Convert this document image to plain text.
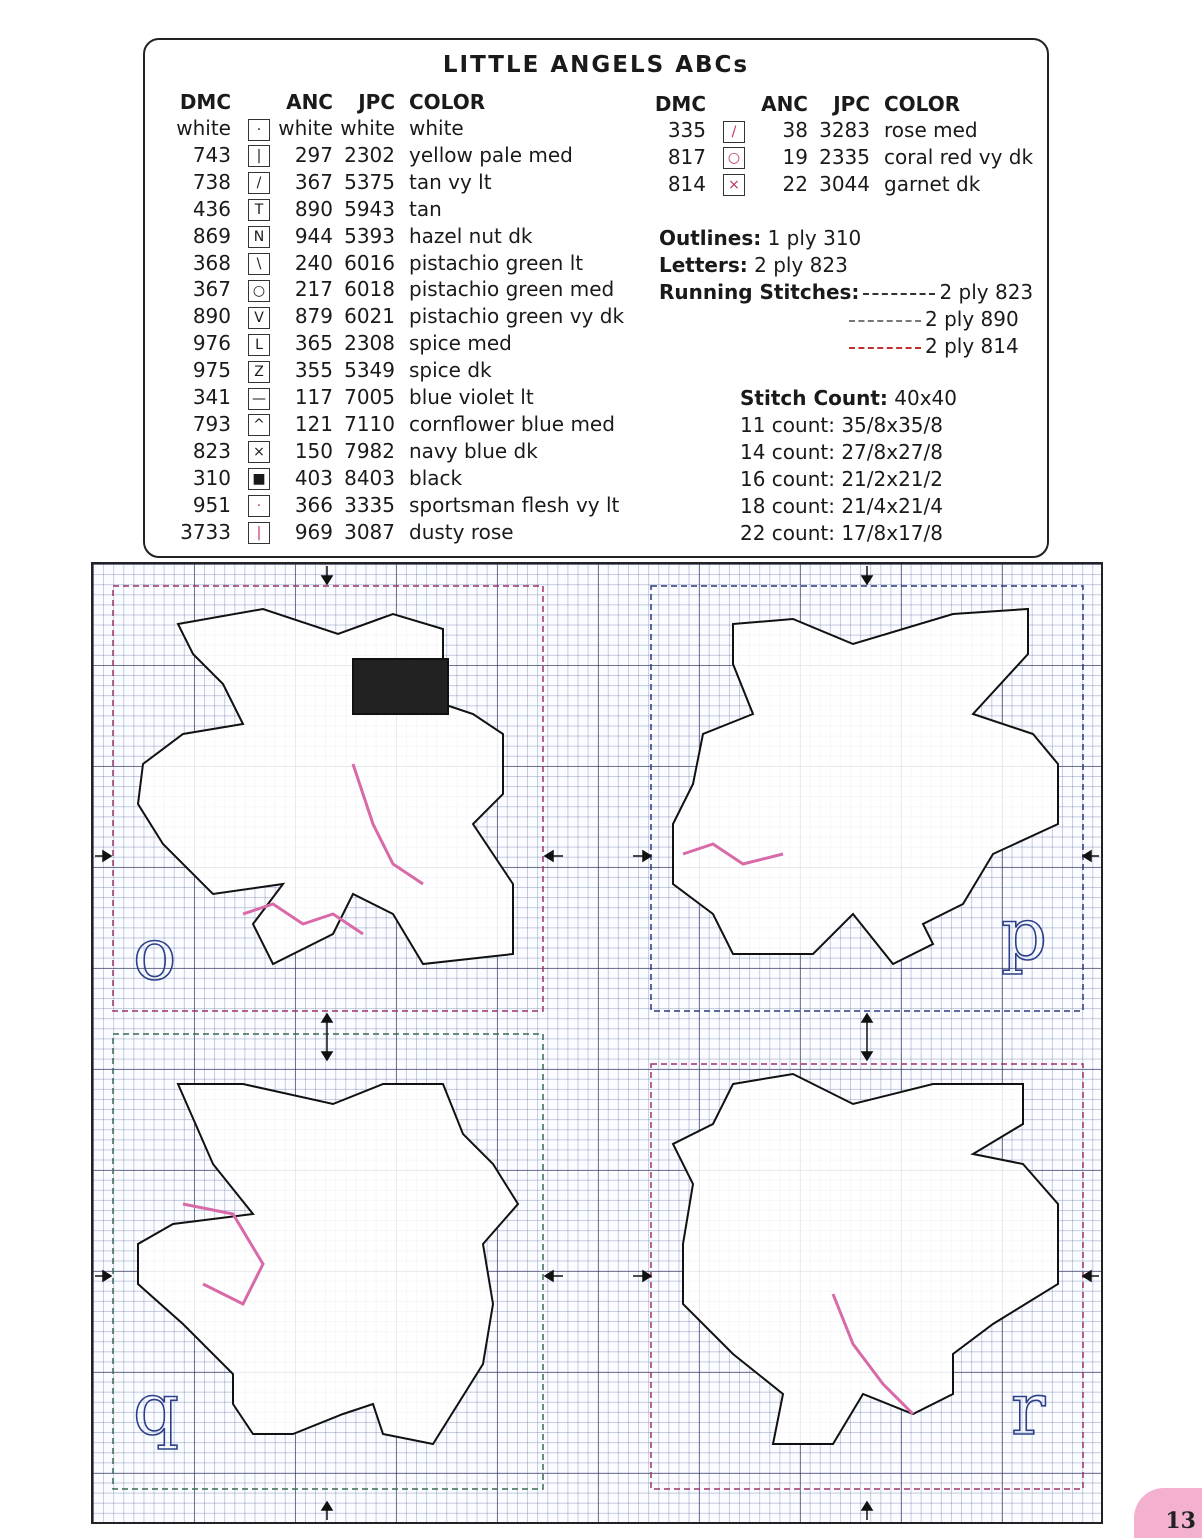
LITTLE ANGELS ABCs
DMC		ANC	JPC	COLOR
white	·	white	white	white
743	|	297	2302	yellow pale med
738	/	367	5375	tan vy lt
436	T	890	5943	tan
869	N	944	5393	hazel nut dk
368	\	240	6016	pistachio green lt
367	○	217	6018	pistachio green med
890	V	879	6021	pistachio green vy dk
976	L	365	2308	spice med
975	Z	355	5349	spice dk
341	—	117	7005	blue violet lt
793	^	121	7110	cornflower blue med
823	×	150	7982	navy blue dk
310	■	403	8403	black
951	·	366	3335	sportsman flesh vy lt
3733	|	969	3087	dusty rose
DMC		ANC	JPC	COLOR
335	/	38	3283	rose med
817	○	19	2335	coral red vy dk
814	×	22	3044	garnet dk
Outlines: 1 ply 310
Letters: 2 ply 823
Running Stitches:	2 ply 823
2 ply 890
2 ply 814
Stitch Count: 40x40
11 count: 35/8x35/8
14 count: 27/8x27/8
16 count: 21/2x21/2
18 count: 21/4x21/4
22 count: 17/8x17/8
o	p
q	r
13
